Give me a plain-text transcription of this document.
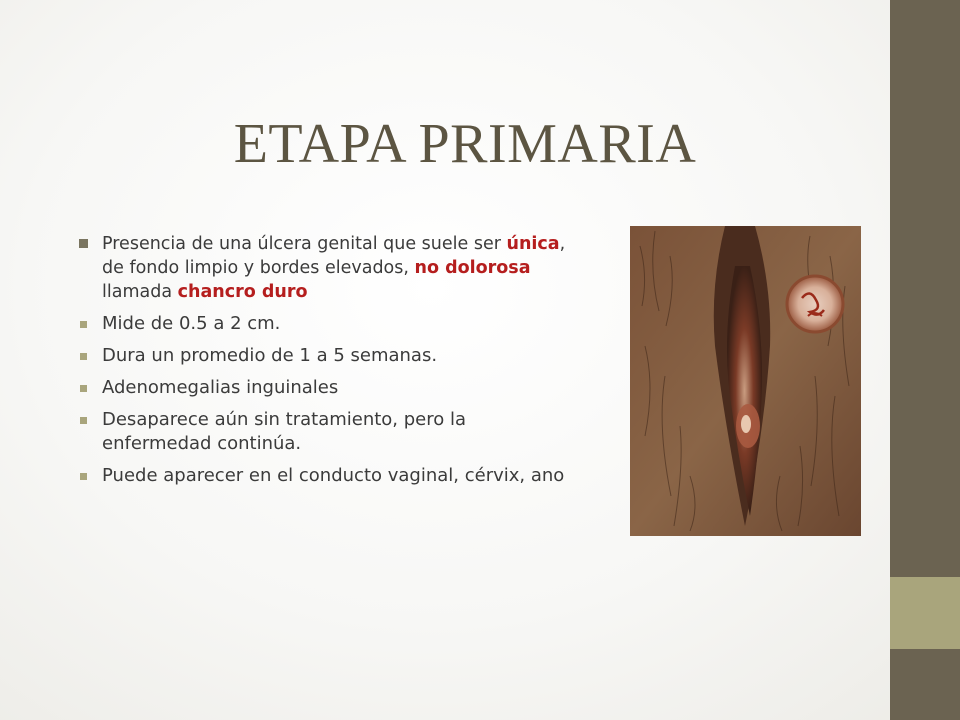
ETAPA PRIMARIA
Presencia de una úlcera genital que suele ser única, de fondo limpio y bordes elevados, no dolorosa llamada chancro duro
Mide de 0.5 a 2 cm.
Dura un promedio de 1 a 5 semanas.
Adenomegalias inguinales
Desaparece aún sin tratamiento, pero la enfermedad continúa.
Puede aparecer en el conducto vaginal, cérvix, ano
